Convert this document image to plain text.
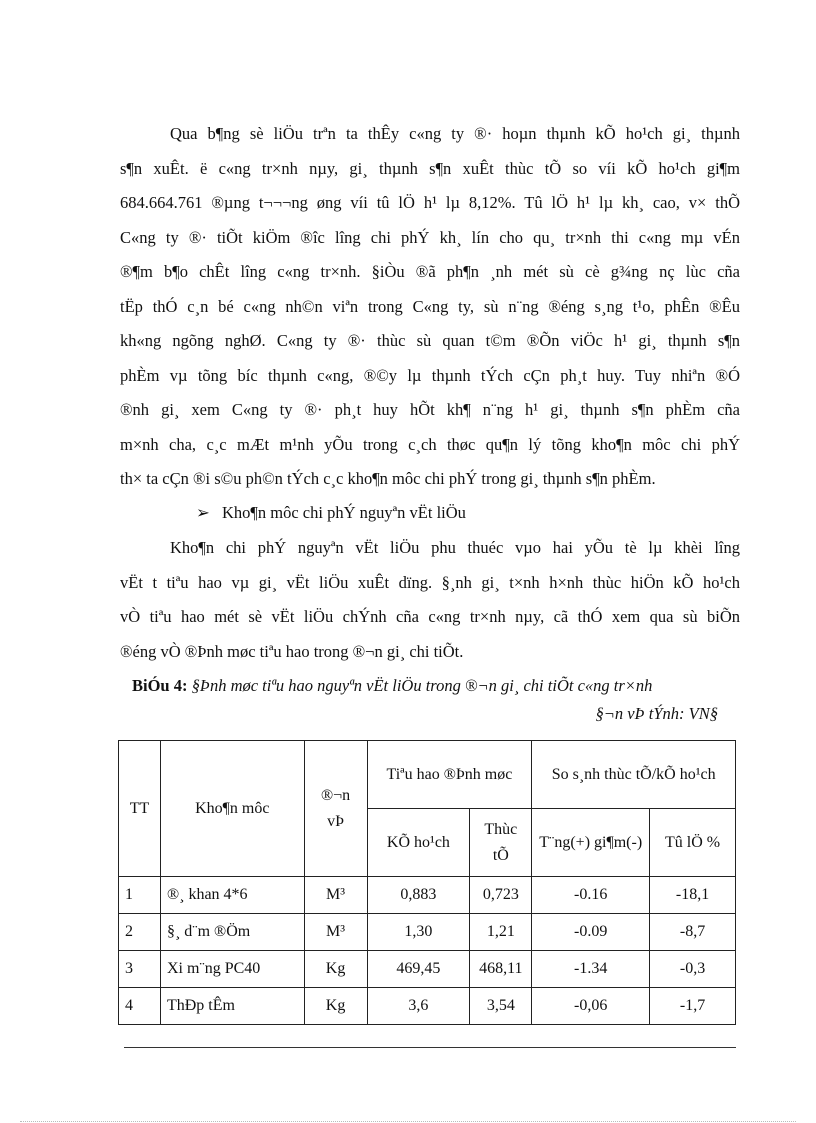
Qua b¶ng sè liÖu trªn ta thÊy c«ng ty ®· hoµn thµnh kÕ ho¹ch gi¸ thµnh
s¶n xuÊt. ë c«ng tr×nh nµy, gi¸ thµnh s¶n xuÊt thùc tÕ so víi kÕ ho¹ch gi¶m
684.664.761 ®µng t¬¬¬ng øng víi tû lÖ h¹ lµ 8,12%. Tû lÖ h¹ lµ kh¸ cao, v× thÕ
C«ng ty ®· tiÕt kiÖm ®îc lîng chi phÝ kh¸ lín cho qu¸ tr×nh thi c«ng mµ vÉn
®¶m b¶o chÊt lîng c«ng tr×nh. §iÒu ®ã ph¶n ¸nh mét sù cè g¾ng nç lùc cña
tËp thÓ c¸n bé c«ng nh©n viªn trong C«ng ty, sù n¨ng ®éng s¸ng t¹o, phÊn ®Êu
kh«ng ngõng nghØ. C«ng ty ®· thùc sù quan t©m ®Õn viÖc h¹ gi¸ thµnh s¶n
phÈm vµ tõng bíc thµnh c«ng, ®©y lµ thµnh tÝch cÇn ph¸t huy. Tuy nhiªn ®Ó
®nh gi¸ xem C«ng ty ®· ph¸t huy hÕt kh¶ n¨ng h¹ gi¸ thµnh s¶n phÈm cña
m×nh cha, c¸c mÆt m¹nh yÕu trong c¸ch thøc qu¶n lý tõng kho¶n môc chi phÝ
th× ta cÇn ®i s©u ph©n tÝch c¸c kho¶n môc chi phÝ trong gi¸ thµnh s¶n phÈm.

➢ Kho¶n môc chi phÝ nguyªn vËt liÖu

Kho¶n chi phÝ nguyªn vËt liÖu phu thuéc vµo hai yÕu tè lµ khèi lîng
vËt t tiªu hao vµ gi¸ vËt liÖu xuÊt dïng. §¸nh gi¸ t×nh h×nh thùc hiÖn kÕ ho¹ch
vÒ tiªu hao mét sè vËt liÖu chÝnh cña c«ng tr×nh nµy, cã thÓ xem qua sù biÕn
®éng vÒ ®Þnh møc tiªu hao trong ®¬n gi¸ chi tiÕt.

BiÓu 4: §Þnh møc tiªu hao nguyªn vËt liÖu trong ®¬n gi¸ chi tiÕt c«ng tr×nh
§¬n vÞ tÝnh: VN§
TT	Kho¶n môc	®¬n vÞ	Tiªu hao ®Þnh møc		So s¸nh thùc tÕ/kÕ ho¹ch	
			KÕ ho¹ch	Thùc tÕ	T¨ng(+) gi¶m(-)	Tû lÖ %
1	®¸ khan 4*6	M³	0,883	0,723	-0.16	-18,1
2	§¸ d¨m ®Öm	M³	1,30	1,21	-0.09	-8,7
3	Xi m¨ng PC40	Kg	469,45	468,11	-1.34	-0,3
4	ThÐp tÊm	Kg	3,6	3,54	-0,06	-1,7
